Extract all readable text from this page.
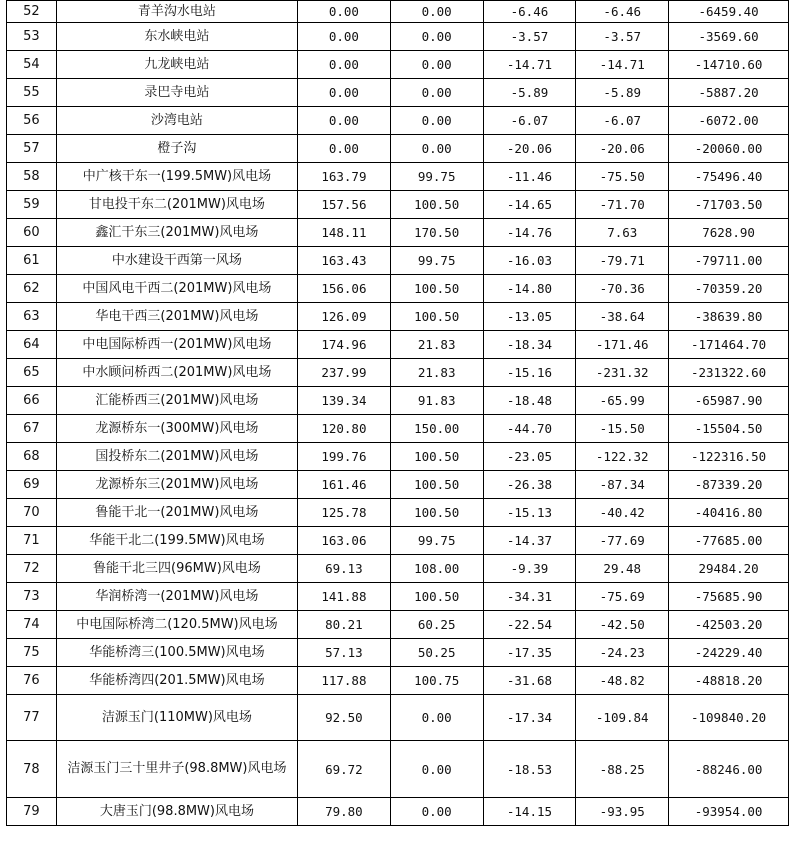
52	青羊沟水电站	0.00	0.00	-6.46	-6.46	-6459.40
53	东水峡电站	0.00	0.00	-3.57	-3.57	-3569.60
54	九龙峡电站	0.00	0.00	-14.71	-14.71	-14710.60
55	录巴寺电站	0.00	0.00	-5.89	-5.89	-5887.20
56	沙湾电站	0.00	0.00	-6.07	-6.07	-6072.00
57	橙子沟	0.00	0.00	-20.06	-20.06	-20060.00
58	中广核干东一(199.5MW)风电场	163.79	99.75	-11.46	-75.50	-75496.40
59	甘电投干东二(201MW)风电场	157.56	100.50	-14.65	-71.70	-71703.50
60	鑫汇干东三(201MW)风电场	148.11	170.50	-14.76	7.63	7628.90
61	中水建设干西第一风场	163.43	99.75	-16.03	-79.71	-79711.00
62	中国风电干西二(201MW)风电场	156.06	100.50	-14.80	-70.36	-70359.20
63	华电干西三(201MW)风电场	126.09	100.50	-13.05	-38.64	-38639.80
64	中电国际桥西一(201MW)风电场	174.96	21.83	-18.34	-171.46	-171464.70
65	中水顾问桥西二(201MW)风电场	237.99	21.83	-15.16	-231.32	-231322.60
66	汇能桥西三(201MW)风电场	139.34	91.83	-18.48	-65.99	-65987.90
67	龙源桥东一(300MW)风电场	120.80	150.00	-44.70	-15.50	-15504.50
68	国投桥东二(201MW)风电场	199.76	100.50	-23.05	-122.32	-122316.50
69	龙源桥东三(201MW)风电场	161.46	100.50	-26.38	-87.34	-87339.20
70	鲁能干北一(201MW)风电场	125.78	100.50	-15.13	-40.42	-40416.80
71	华能干北二(199.5MW)风电场	163.06	99.75	-14.37	-77.69	-77685.00
72	鲁能干北三四(96MW)风电场	69.13	108.00	-9.39	29.48	29484.20
73	华润桥湾一(201MW)风电场	141.88	100.50	-34.31	-75.69	-75685.90
74	中电国际桥湾二(120.5MW)风电场	80.21	60.25	-22.54	-42.50	-42503.20
75	华能桥湾三(100.5MW)风电场	57.13	50.25	-17.35	-24.23	-24229.40
76	华能桥湾四(201.5MW)风电场	117.88	100.75	-31.68	-48.82	-48818.20
77	洁源玉门(110MW)风电场	92.50	0.00	-17.34	-109.84	-109840.20
78	洁源玉门三十里井子(98.8MW)风电场	69.72	0.00	-18.53	-88.25	-88246.00
79	大唐玉门(98.8MW)风电场	79.80	0.00	-14.15	-93.95	-93954.00
